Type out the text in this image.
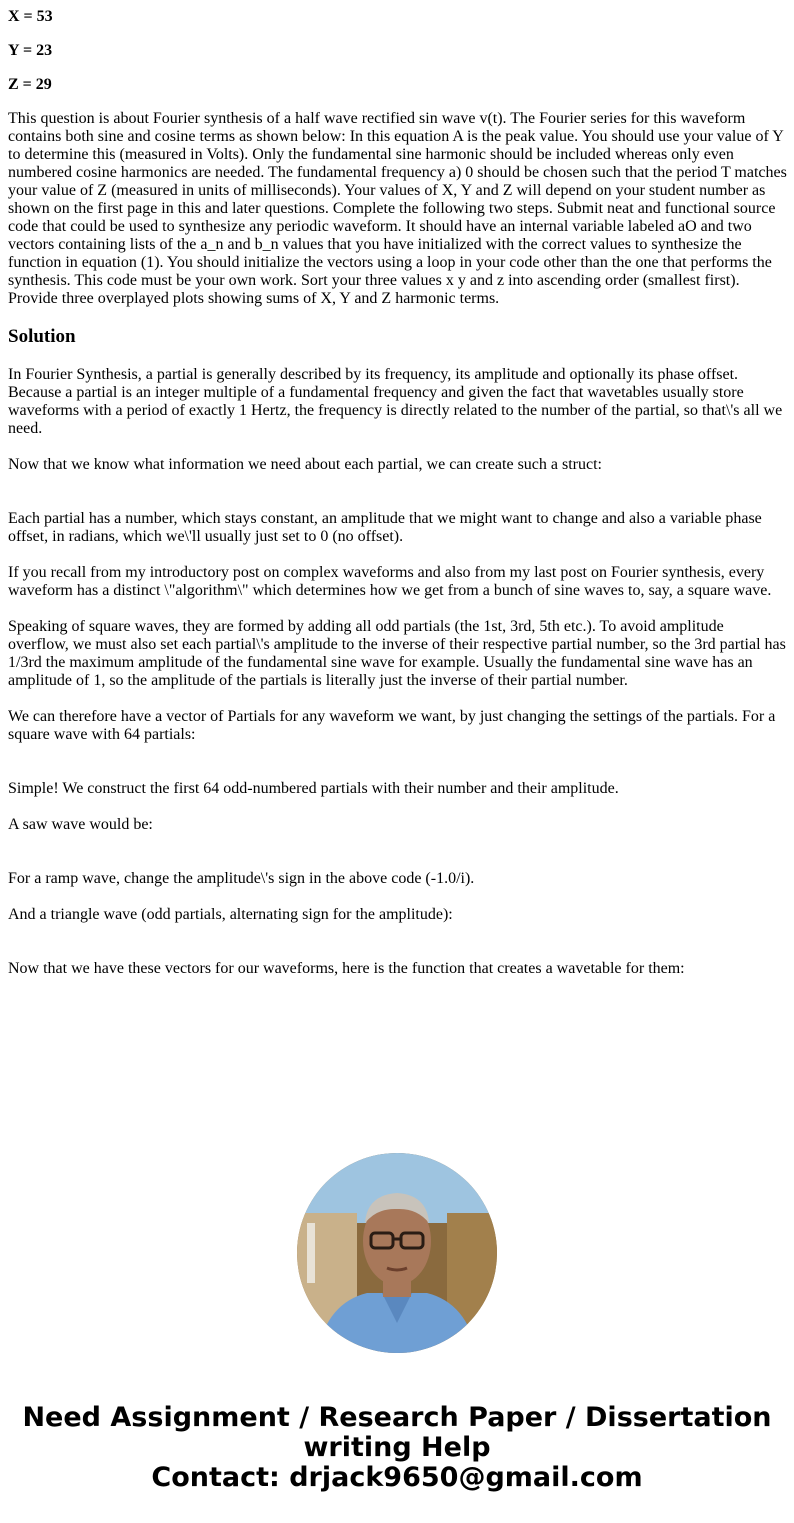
X = 53
Y = 23
Z = 29

This question is about Fourier synthesis of a half wave rectified sin wave v(t). The Fourier series for this waveform contains both sine and cosine terms as shown below: In this equation A is the peak value. You should use your value of Y to determine this (measured in Volts). Only the fundamental sine harmonic should be included whereas only even numbered cosine harmonics are needed. The fundamental frequency a) 0 should be chosen such that the period T matches your value of Z (measured in units of milliseconds). Your values of X, Y and Z will depend on your student number as shown on the first page in this and later questions. Complete the following two steps. Submit neat and functional source code that could be used to synthesize any periodic waveform. It should have an internal variable labeled aO and two vectors containing lists of the a_n and b_n values that you have initialized with the correct values to synthesize the function in equation (1). You should initialize the vectors using a loop in your code other than the one that performs the synthesis. This code must be your own work. Sort your three values x y and z into ascending order (smallest first). Provide three overplayed plots showing sums of X, Y and Z harmonic terms.

Solution

In Fourier Synthesis, a partial is generally described by its frequency, its amplitude and optionally its phase offset. Because a partial is an integer multiple of a fundamental frequency and given the fact that wavetables usually store waveforms with a period of exactly 1 Hertz, the frequency is directly related to the number of the partial, so that\'s all we need.

Now that we know what information we need about each partial, we can create such a struct:

Each partial has a number, which stays constant, an amplitude that we might want to change and also a variable phase offset, in radians, which we\'ll usually just set to 0 (no offset).

If you recall from my introductory post on complex waveforms and also from my last post on Fourier synthesis, every waveform has a distinct \"algorithm\" which determines how we get from a bunch of sine waves to, say, a square wave.

Speaking of square waves, they are formed by adding all odd partials (the 1st, 3rd, 5th etc.). To avoid amplitude overflow, we must also set each partial\'s amplitude to the inverse of their respective partial number, so the 3rd partial has 1/3rd the maximum amplitude of the fundamental sine wave for example. Usually the fundamental sine wave has an amplitude of 1, so the amplitude of the partials is literally just the inverse of their partial number.

We can therefore have a vector of Partials for any waveform we want, by just changing the settings of the partials. For a square wave with 64 partials:

Simple! We construct the first 64 odd-numbered partials with their number and their amplitude.

A saw wave would be:

For a ramp wave, change the amplitude\'s sign in the above code (-1.0/i).

And a triangle wave (odd partials, alternating sign for the amplitude):

Now that we have these vectors for our waveforms, here is the function that creates a wavetable for them:

Need Assignment / Research Paper / Dissertation
writing Help
Contact: drjack9650@gmail.com
